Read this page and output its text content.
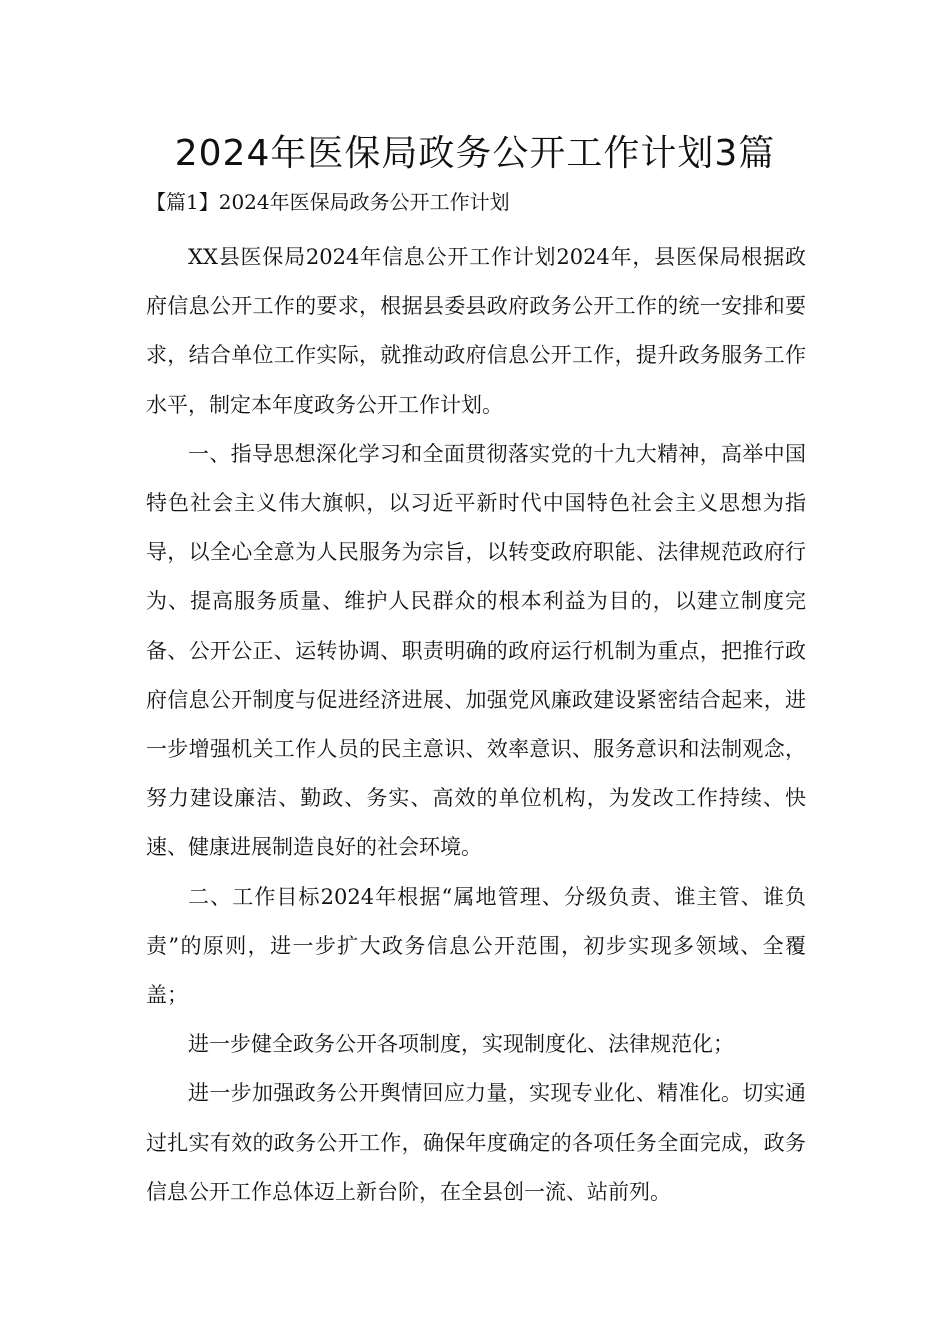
2024年医保局政务公开工作计划3篇
【篇1】2024年医保局政务公开工作计划

XX县医保局2024年信息公开工作计划2024年，县医保局根据政府信息公开工作的要求，根据县委县政府政务公开工作的统一安排和要求，结合单位工作实际，就推动政府信息公开工作，提升政务服务工作水平，制定本年度政务公开工作计划。

一、指导思想深化学习和全面贯彻落实党的十九大精神，高举中国特色社会主义伟大旗帜，以习近平新时代中国特色社会主义思想为指导，以全心全意为人民服务为宗旨，以转变政府职能、法律规范政府行为、提高服务质量、维护人民群众的根本利益为目的，以建立制度完备、公开公正、运转协调、职责明确的政府运行机制为重点，把推行政府信息公开制度与促进经济进展、加强党风廉政建设紧密结合起来，进一步增强机关工作人员的民主意识、效率意识、服务意识和法制观念，努力建设廉洁、勤政、务实、高效的单位机构，为发改工作持续、快速、健康进展制造良好的社会环境。

二、工作目标2024年根据“属地管理、分级负责、谁主管、谁负责”的原则，进一步扩大政务信息公开范围，初步实现多领域、全覆盖；

进一步健全政务公开各项制度，实现制度化、法律规范化；

进一步加强政务公开舆情回应力量，实现专业化、精准化。切实通过扎实有效的政务公开工作，确保年度确定的各项任务全面完成，政务信息公开工作总体迈上新台阶，在全县创一流、站前列。
